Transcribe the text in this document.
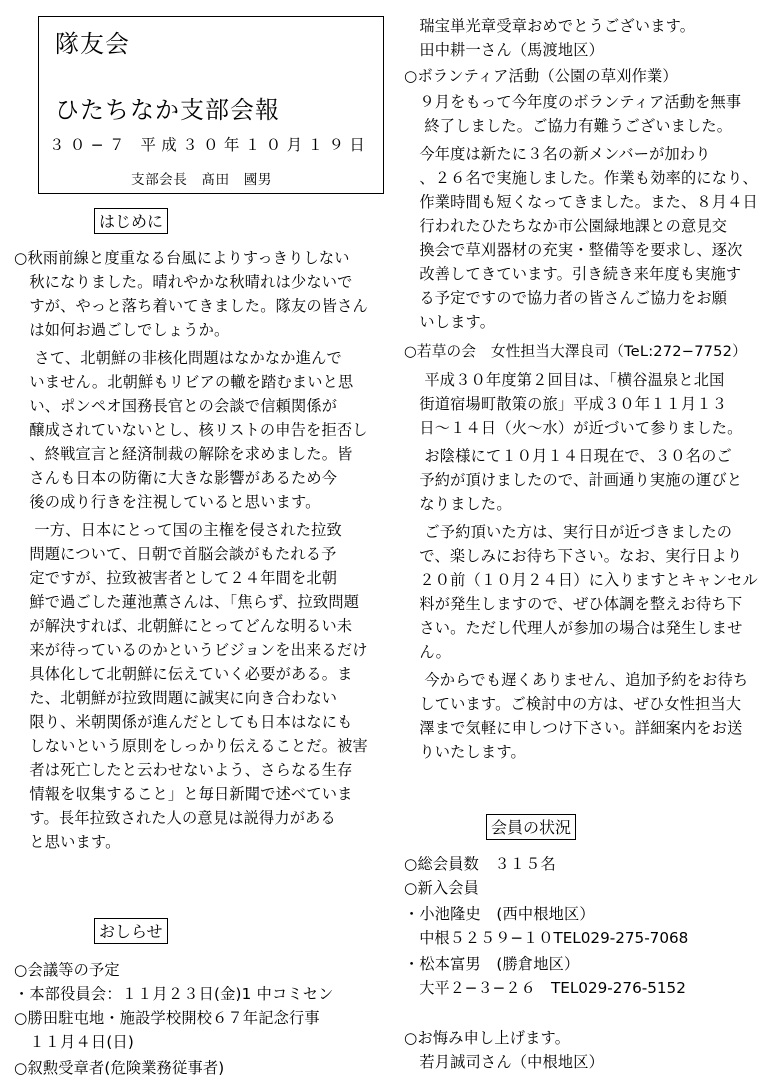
隊友会
ひたちなか支部会報
３０−７ 平成３０年１０月１９日
支部会長　髙田　國男
はじめに
○秋雨前線と度重なる台風によりすっきりしない
　秋になりました。晴れやかな秋晴れは少ないで
　すが、やっと落ち着いてきました。隊友の皆さん
　は如何お過ごしでしょうか。
　 さて、北朝鮮の非核化問題はなかなか進んで
　いません。北朝鮮もリビアの轍を踏むまいと思
　い、ポンペオ国務長官との会談で信頼関係が
　醸成されていないとし、核リストの申告を拒否し
　、終戦宣言と経済制裁の解除を求めました。皆
　さんも日本の防衛に大きな影響があるため今
　後の成り行きを注視していると思います。
　 一方、日本にとって国の主権を侵された拉致
　問題について、日朝で首脳会談がもたれる予
　定ですが、拉致被害者として２４年間を北朝
　鮮で過ごした蓮池薫さんは、「焦らず、拉致問題
　が解決すれば、北朝鮮にとってどんな明るい未
　来が待っているのかというビジョンを出来るだけ
　具体化して北朝鮮に伝えていく必要がある。ま
　た、北朝鮮が拉致問題に誠実に向き合わない
　限り、米朝関係が進んだとしても日本はなにも
　しないという原則をしっかり伝えることだ。被害
　者は死亡したと云わせないよう、さらなる生存
　情報を収集すること」と毎日新聞で述べていま
　す。長年拉致された人の意見は説得力がある
　と思います。
おしらせ
○会議等の予定
・本部役員会：１１月２３日(金)1 中コミセン
○勝田駐屯地・施設学校開校６７年記念行事
　１１月４日(日)
○叙勲受章者(危険業務従事者)
　瑞宝単光章受章おめでとうございます。
　田中耕一さん（馬渡地区）
○ボランティア活動（公園の草刈作業）
　９月をもって今年度のボランティア活動を無事
　 終了しました。ご協力有難うございました。
　今年度は新たに３名の新メンバーが加わり
　、２６名で実施しました。作業も効率的になり、
　作業時間も短くなってきました。また、８月４日
　行われたひたちなか市公園緑地課との意見交
　換会で草刈器材の充実・整備等を要求し、逐次
　改善してきています。引き続き来年度も実施す
　る予定ですので協力者の皆さんご協力をお願
　いします。
○若草の会　女性担当大澤良司（TeL:272−7752）
　 平成３０年度第２回目は、「横谷温泉と北国
　街道宿場町散策の旅」平成３０年１１月１３
　日〜１４日（火〜水）が近づいて参りました。
　 お陰様にて１０月１４日現在で、３０名のご
　予約が頂けましたので、計画通り実施の運びと
　なりました。
　 ご予約頂いた方は、実行日が近づきましたの
　で、楽しみにお待ち下さい。なお、実行日より
　２０前（１０月２４日）に入りますとキャンセル
　料が発生しますので、ぜひ体調を整えお待ち下
　さい。ただし代理人が参加の場合は発生しませ
　ん。
　 今からでも遅くありません、追加予約をお待ち
　しています。ご検討中の方は、ぜひ女性担当大
　澤まで気軽に申しつけ下さい。詳細案内をお送
　りいたします。
会員の状況
○総会員数　３１５名
○新入会員
・小池隆史　(西中根地区）
　中根５２５９−１０TEL029-275-7068
・松本富男　(勝倉地区）
　大平２−３−２６　TEL029-276-5152
○お悔み申し上げます。
　若月誠司さん（中根地区）
